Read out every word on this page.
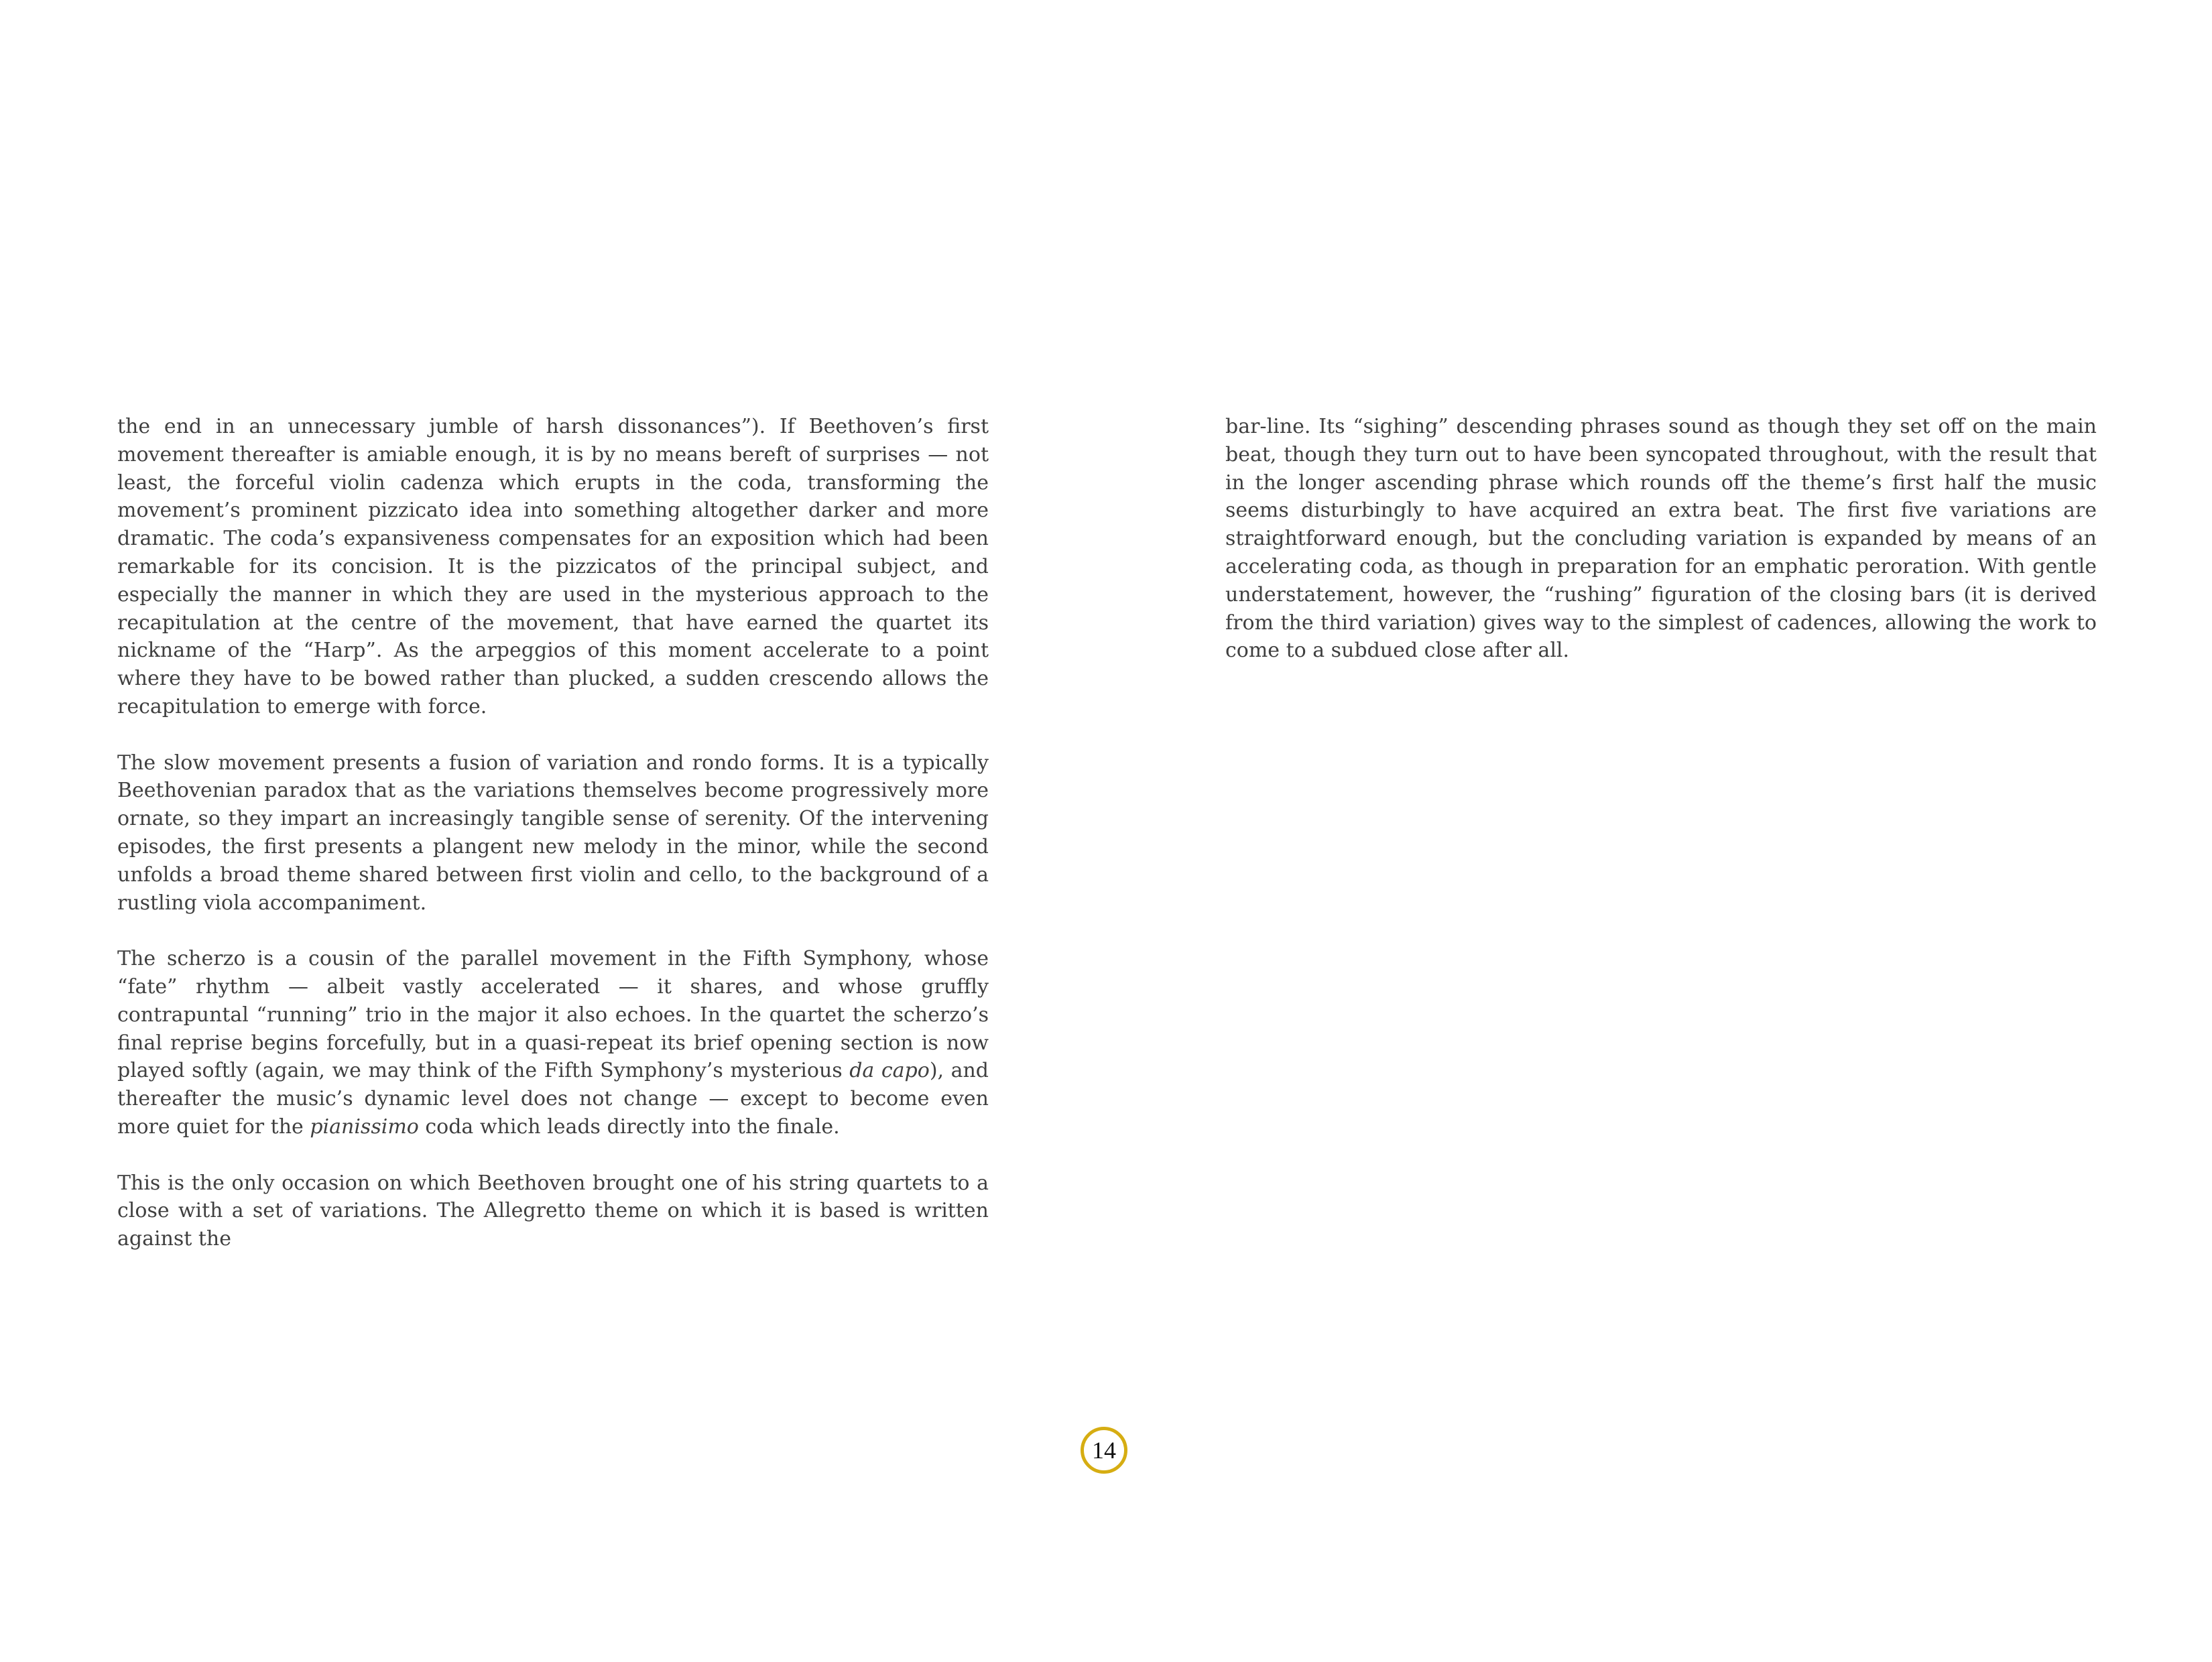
the end in an unnecessary jumble of harsh dissonances”). If Beethoven’s first movement thereafter is amiable enough, it is by no means bereft of surprises — not least, the forceful violin cadenza which erupts in the coda, transforming the movement’s prominent pizzicato idea into something altogether darker and more dramatic. The coda’s expansiveness compensates for an exposition which had been remarkable for its concision. It is the pizzicatos of the principal subject, and especially the manner in which they are used in the mysterious approach to the recapitulation at the centre of the movement, that have earned the quartet its nickname of the “Harp”. As the arpeggios of this moment accelerate to a point where they have to be bowed rather than plucked, a sudden crescendo allows the recapitulation to emerge with force.

The slow movement presents a fusion of variation and rondo forms. It is a typically Beethovenian paradox that as the variations themselves become progressively more ornate, so they impart an increasingly tangible sense of serenity. Of the intervening episodes, the first presents a plangent new melody in the minor, while the second unfolds a broad theme shared between first violin and cello, to the background of a rustling viola accompaniment.

The scherzo is a cousin of the parallel movement in the Fifth Symphony, whose “fate” rhythm — albeit vastly accelerated — it shares, and whose gruffly contrapuntal “running” trio in the major it also echoes. In the quartet the scherzo’s final reprise begins forcefully, but in a quasi-repeat its brief opening section is now played softly (again, we may think of the Fifth Symphony’s mysterious da capo), and thereafter the music’s dynamic level does not change — except to become even more quiet for the pianissimo coda which leads directly into the finale.

This is the only occasion on which Beethoven brought one of his string quartets to a close with a set of variations. The Allegretto theme on which it is based is written against the

bar-line. Its “sighing” descending phrases sound as though they set off on the main beat, though they turn out to have been syncopated throughout, with the result that in the longer ascending phrase which rounds off the theme’s first half the music seems disturbingly to have acquired an extra beat. The first five variations are straightforward enough, but the concluding variation is expanded by means of an accelerating coda, as though in preparation for an emphatic peroration. With gentle understatement, however, the “rushing” figuration of the closing bars (it is derived from the third variation) gives way to the simplest of cadences, allowing the work to come to a subdued close after all.

14
